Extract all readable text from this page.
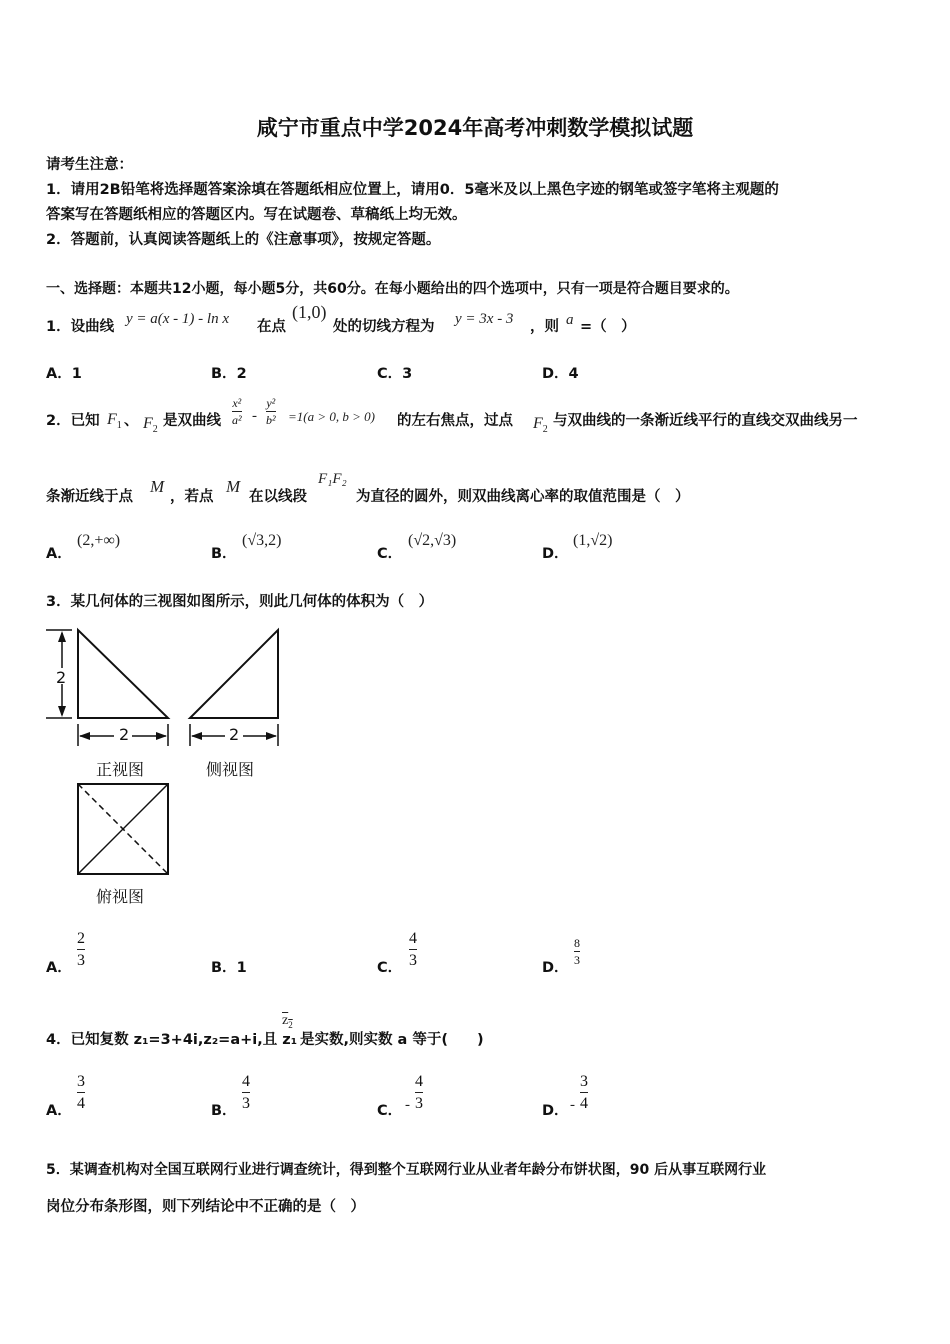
咸宁市重点中学2024年高考冲刺数学模拟试题
请考生注意：
1．请用2B铅笔将选择题答案涂填在答题纸相应位置上，请用0．5毫米及以上黑色字迹的钢笔或签字笔将主观题的
答案写在答题纸相应的答题区内。写在试题卷、草稿纸上均无效。
2．答题前，认真阅读答题纸上的《注意事项》，按规定答题。
一、选择题：本题共12小题，每小题5分，共60分。在每小题给出的四个选项中，只有一项是符合题目要求的。
1．设曲线 y = a(x - 1) - ln x 在点
(1,0)
处的切线方程为 y = 3x - 3 ，则 a =（　）
A．1	B．2	C．3	D．4
2．已知 $F_1$ 、 $F_2$
是双曲线
x²
a² -
y²
b² =1(a > 0, b > 0) 的左右焦点，过点 $F_2$
与双曲线的一条渐近线平行的直线交双曲线另一
条渐近线于点
M
，若点
M
在以线段
F₁F₂
为直径的圆外，则双曲线离心率的取值范围是（　）
A．
(2,+∞)
B．
(√3,2)
C．
(√2,√3)
D．
(1,√2)
3．某几何体的三视图如图所示，则此几何体的体积为（　）
2
2	2
正视图	侧视图
俯视图
A．
2
3	B．1	C．
4
3	D．
8
3
4．已知复数 z₁=3+4i,z₂=a+i,且 z₁
$z_2$
是实数,则实数 a 等于(　　)
A．
3
4	B．
4
3	C． -
4
3	D． -
3
4
5．某调查机构对全国互联网行业进行调查统计，得到整个互联网行业从业者年龄分布饼状图，90 后从事互联网行业
岗位分布条形图，则下列结论中不正确的是（　）
